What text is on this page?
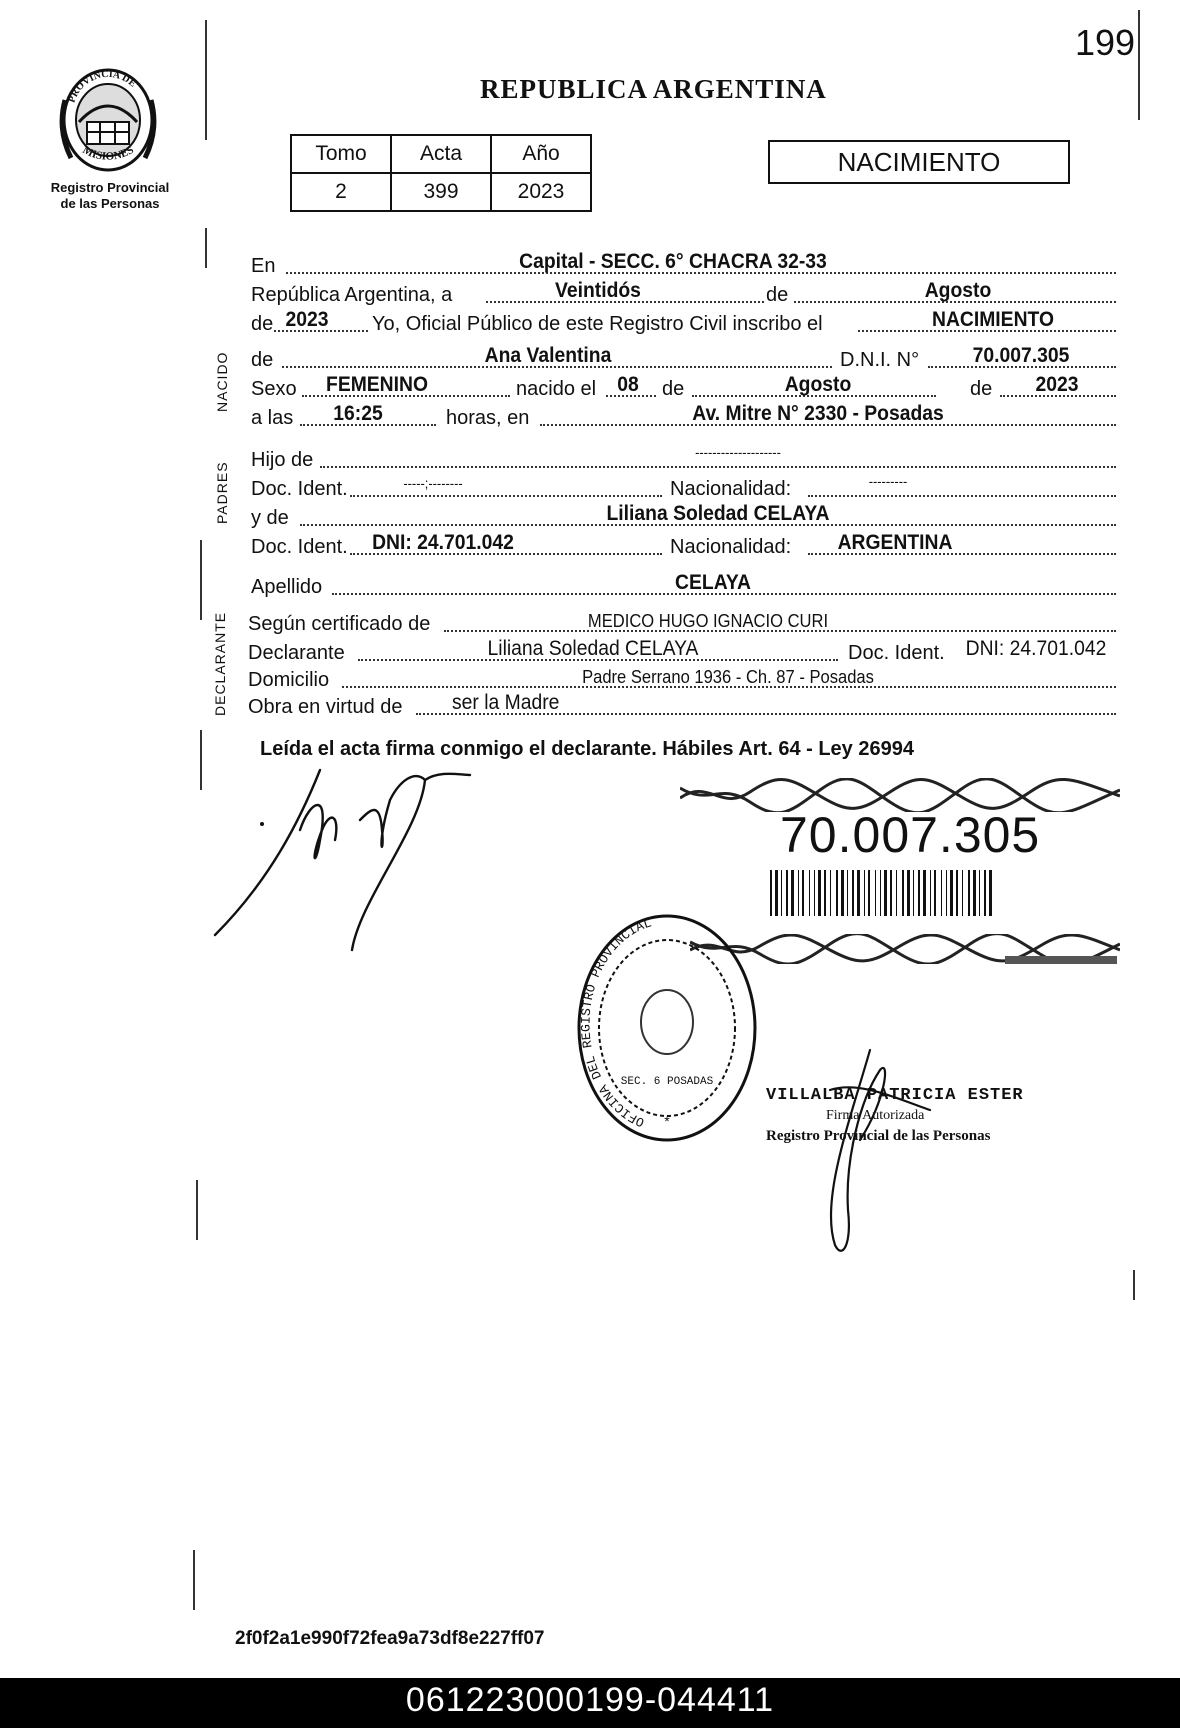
199
PROVINCIA DE
MISIONES
Registro Provincial
de las Personas
REPUBLICA ARGENTINA
Tomo	Acta	Año
2	399	2023
NACIMIENTO
NACIDO
PADRES
DECLARANTE
En	Capital - SECC. 6° CHACRA 32-33
República Argentina, a	Veintidós	de	Agosto
de 2023	Yo, Oficial Público de este Registro Civil inscribo el	NACIMIENTO
de	Ana Valentina	D.N.I. N°	70.007.305
Sexo	FEMENINO	nacido el 08 de	Agosto	de	2023
a las	16:25	horas, en	Av. Mitre N° 2330 - Posadas
Hijo de	--------------------
Doc. Ident.	-----;--------	Nacionalidad:	---------
y de	Liliana Soledad CELAYA
Doc. Ident.	DNI: 24.701.042	Nacionalidad:	ARGENTINA
Apellido	CELAYA
Según certificado de	MEDICO HUGO IGNACIO CURI
Declarante	Liliana Soledad CELAYA	Doc. Ident. DNI: 24.701.042
Domicilio	Padre Serrano 1936 - Ch. 87 - Posadas
Obra en virtud de ser la Madre
Leída el acta firma conmigo el declarante. Hábiles Art. 64 - Ley 26994
70.007.305
OFICINA DEL REGISTRO PROVINCIAL
SEC. 6 POSADAS
*
VILLALBA PATRICIA ESTER
Firma Autorizada
Registro Provincial de las Personas
2f0f2a1e990f72fea9a73df8e227ff07
061223000199-044411
